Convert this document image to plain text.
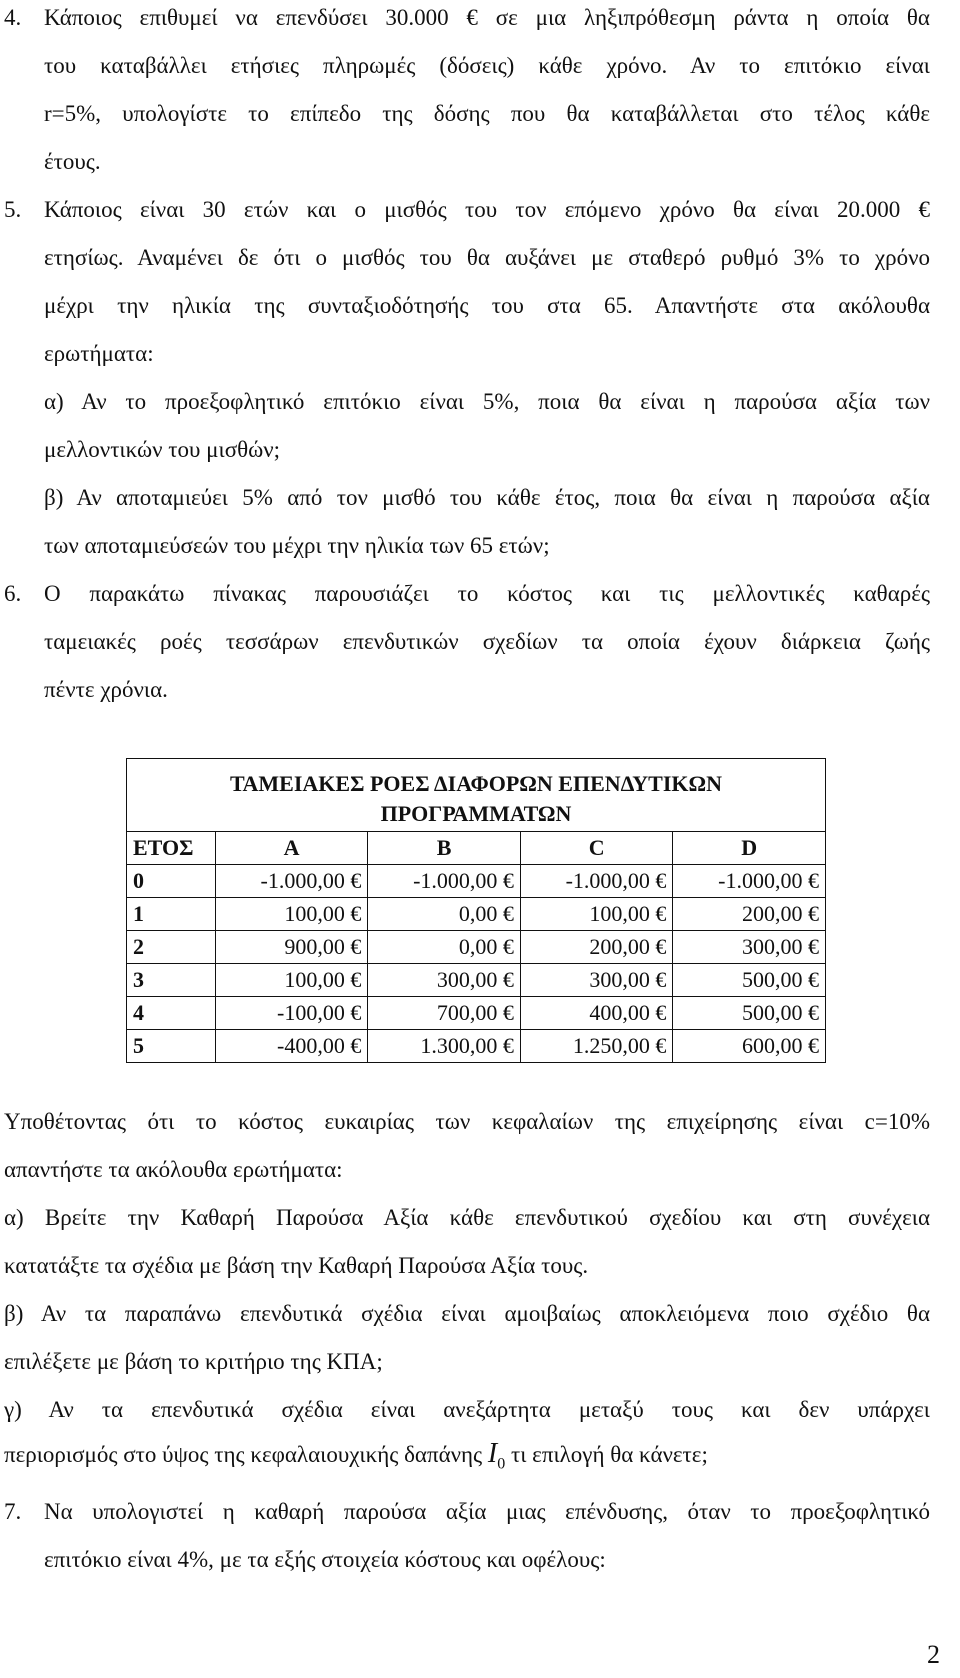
4. Κάποιος επιθυμεί να επενδύσει 30.000 € σε μια ληξιπρόθεσμη ράντα η οποία θα
του καταβάλλει ετήσιες πληρωμές (δόσεις) κάθε χρόνο. Αν το επιτόκιο είναι
r=5%, υπολογίστε το επίπεδο της δόσης που θα καταβάλλεται στο τέλος κάθε
έτους.
5. Κάποιος είναι 30 ετών και ο μισθός του τον επόμενο χρόνο θα είναι 20.000 €
ετησίως. Αναμένει δε ότι ο μισθός του θα αυξάνει με σταθερό ρυθμό 3% το χρόνο
μέχρι την ηλικία της συνταξιοδότησής του στα 65. Απαντήστε στα ακόλουθα
ερωτήματα:
α) Αν το προεξοφλητικό επιτόκιο είναι 5%, ποια θα είναι η παρούσα αξία των
μελλοντικών του μισθών;
β) Αν αποταμιεύει 5% από τον μισθό του κάθε έτος, ποια θα είναι η παρούσα αξία
των αποταμιεύσεών του μέχρι την ηλικία των 65 ετών;
6. Ο παρακάτω πίνακας παρουσιάζει το κόστος και τις μελλοντικές καθαρές
ταμειακές ροές τεσσάρων επενδυτικών σχεδίων τα οποία έχουν διάρκεια ζωής
πέντε χρόνια.
ΤΑΜΕΙΑΚΕΣ ΡΟΕΣ ΔΙΑΦΟΡΩΝ ΕΠΕΝΔΥΤΙΚΩΝ
ΠΡΟΓΡΑΜΜΑΤΩΝ				

ΕΤΟΣ	A	B	C	D
0	-1.000,00 €	-1.000,00 €	-1.000,00 €	-1.000,00 €
1	100,00 €	0,00 €	100,00 €	200,00 €
2	900,00 €	0,00 €	200,00 €	300,00 €
3	100,00 €	300,00 €	300,00 €	500,00 €
4	-100,00 €	700,00 €	400,00 €	500,00 €
5	-400,00 €	1.300,00 €	1.250,00 €	600,00 €
Υποθέτοντας ότι το κόστος ευκαιρίας των κεφαλαίων της επιχείρησης είναι c=10%
απαντήστε τα ακόλουθα ερωτήματα:
α) Βρείτε την Καθαρή Παρούσα Αξία κάθε επενδυτικού σχεδίου και στη συνέχεια
κατατάξτε τα σχέδια με βάση την Καθαρή Παρούσα Αξία τους.
β) Αν τα παραπάνω επενδυτικά σχέδια είναι αμοιβαίως αποκλειόμενα ποιο σχέδιο θα
επιλέξετε με βάση το κριτήριο της ΚΠΑ;
γ) Αν τα επενδυτικά σχέδια είναι ανεξάρτητα μεταξύ τους και δεν υπάρχει
περιορισμός στο ύψος της κεφαλαιουχικής δαπάνης $I_0$ τι επιλογή θα κάνετε;
7. Να υπολογιστεί η καθαρή παρούσα αξία μιας επένδυσης, όταν το προεξοφλητικό
επιτόκιο είναι 4%, με τα εξής στοιχεία κόστους και οφέλους:
2
